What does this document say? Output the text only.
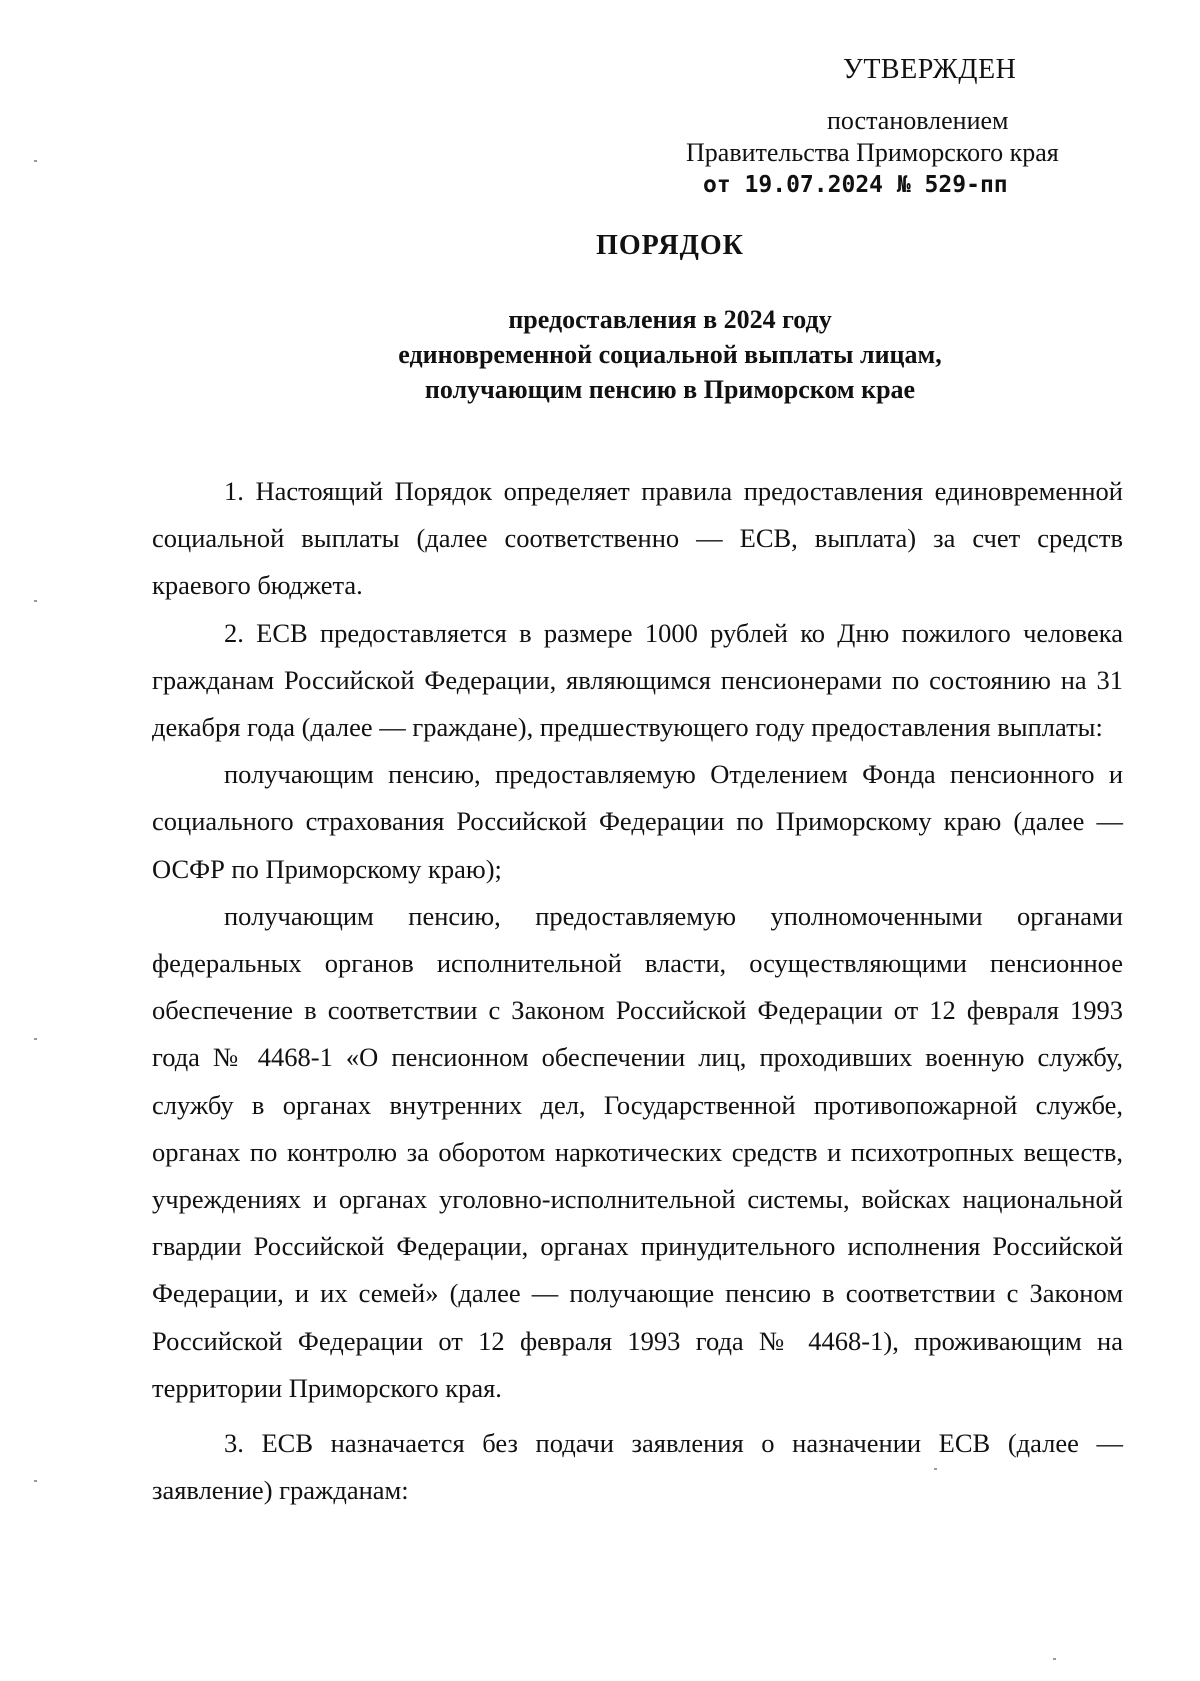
УТВЕРЖДЕН
постановлением
Правительства Приморского края
от 19.07.2024 № 529-пп
ПОРЯДОК
предоставления в 2024 году
единовременной социальной выплаты лицам,
получающим пенсию в Приморском крае

1. Настоящий Порядок определяет правила предоставления единовременной социальной выплаты (далее соответственно — ЕСВ, выплата) за счет средств краевого бюджета.

2. ЕСВ предоставляется в размере 1000 рублей ко Дню пожилого человека гражданам Российской Федерации, являющимся пенсионерами по состоянию на 31 декабря года (далее — граждане), предшествующего году предоставления выплаты:

получающим пенсию, предоставляемую Отделением Фонда пенсионного и социального страхования Российской Федерации по Приморскому краю (далее — ОСФР по Приморскому краю);

получающим пенсию, предоставляемую уполномоченными органами федеральных органов исполнительной власти, осуществляющими пенсионное обеспечение в соответствии с Законом Российской Федерации от 12 февраля 1993 года № 4468-1 «О пенсионном обеспечении лиц, проходивших военную службу, службу в органах внутренних дел, Государственной противопожарной службе, органах по контролю за оборотом наркотических средств и психотропных веществ, учреждениях и органах уголовно-исполнительной системы, войсках национальной гвардии Российской Федерации, органах принудительного исполнения Российской Федерации, и их семей» (далее — получающие пенсию в соответствии с Законом Российской Федерации от 12 февраля 1993 года № 4468-1), проживающим на территории Приморского края.

3. ЕСВ назначается без подачи заявления о назначении ЕСВ (далее — заявление) гражданам:
